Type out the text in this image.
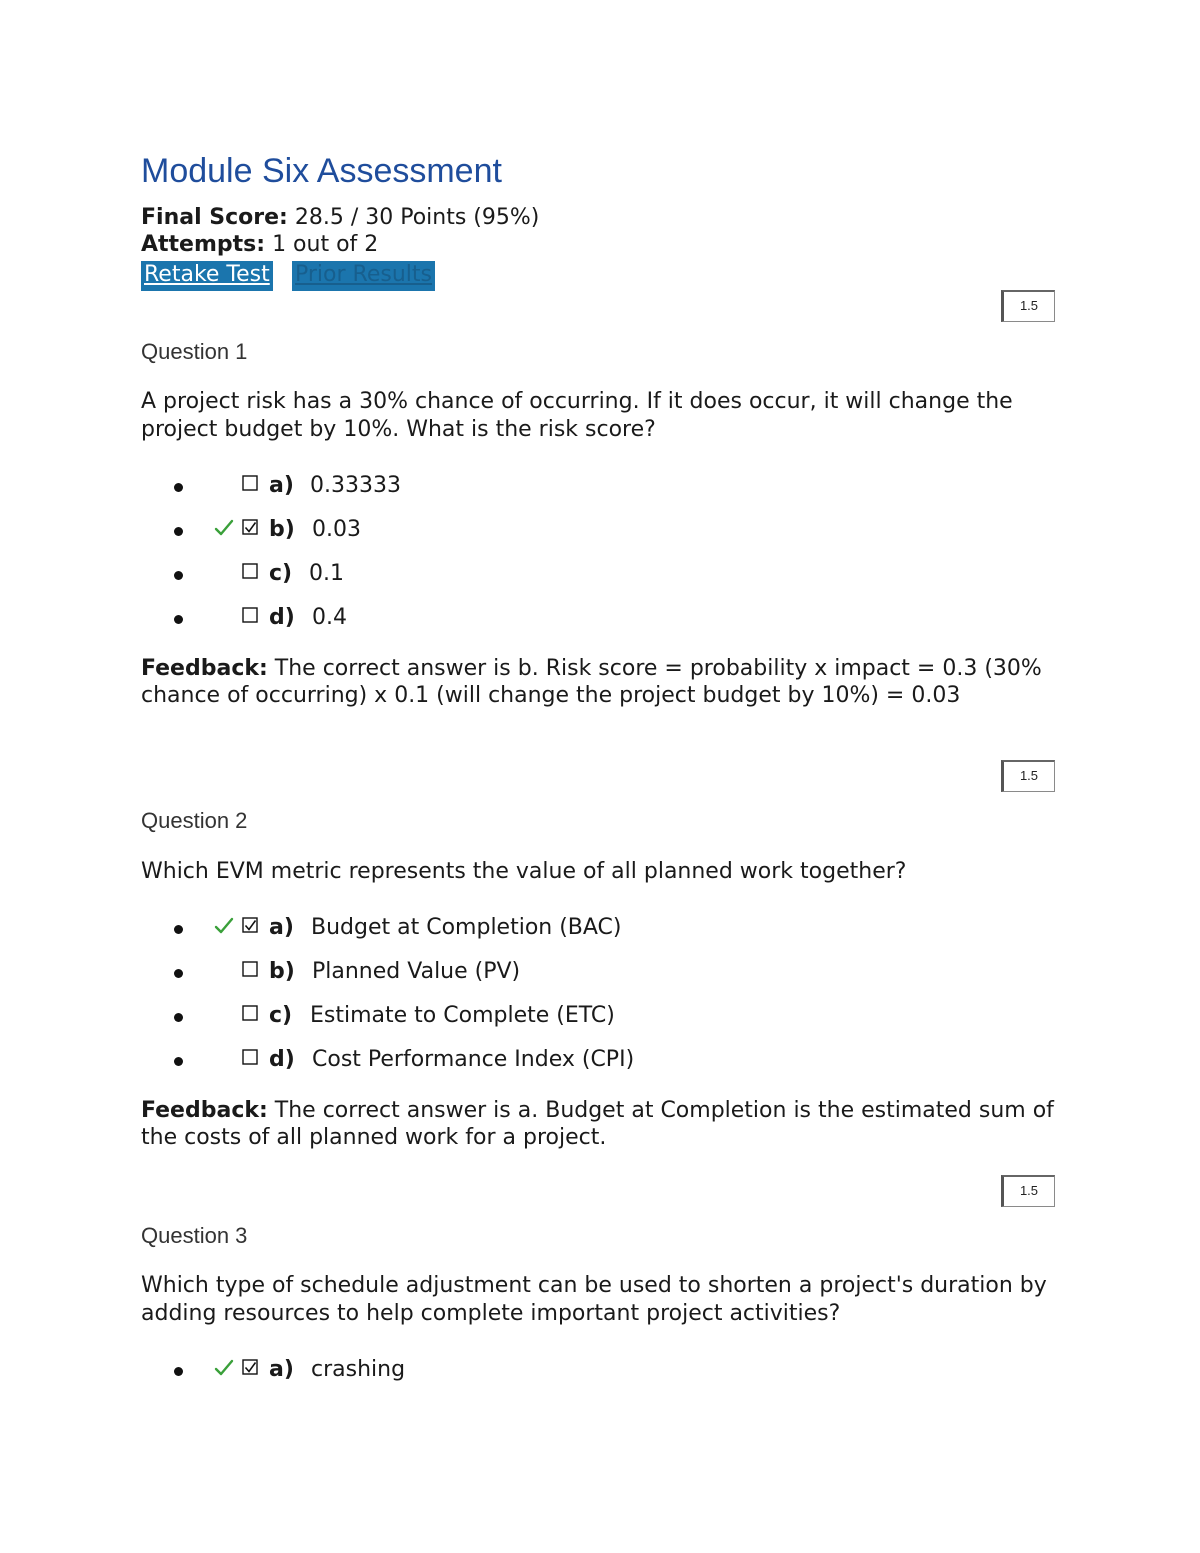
Module Six Assessment
Final Score: 28.5 / 30 Points (95%)
Attempts: 1 out of 2
Retake Test Prior Results
1.5
Question 1
A project risk has a 30% chance of occurring. If it does occur, it will change the project budget by 10%. What is the risk score?
a) 0.33333
b) 0.03
c) 0.1
d) 0.4
Feedback: The correct answer is b. Risk score = probability x impact = 0.3 (30% chance of occurring) x 0.1 (will change the project budget by 10%) = 0.03
1.5
Question 2
Which EVM metric represents the value of all planned work together?
a) Budget at Completion (BAC)
b) Planned Value (PV)
c) Estimate to Complete (ETC)
d) Cost Performance Index (CPI)
Feedback: The correct answer is a. Budget at Completion is the estimated sum of the costs of all planned work for a project.
1.5
Question 3
Which type of schedule adjustment can be used to shorten a project's duration by adding resources to help complete important project activities?
a) crashing
